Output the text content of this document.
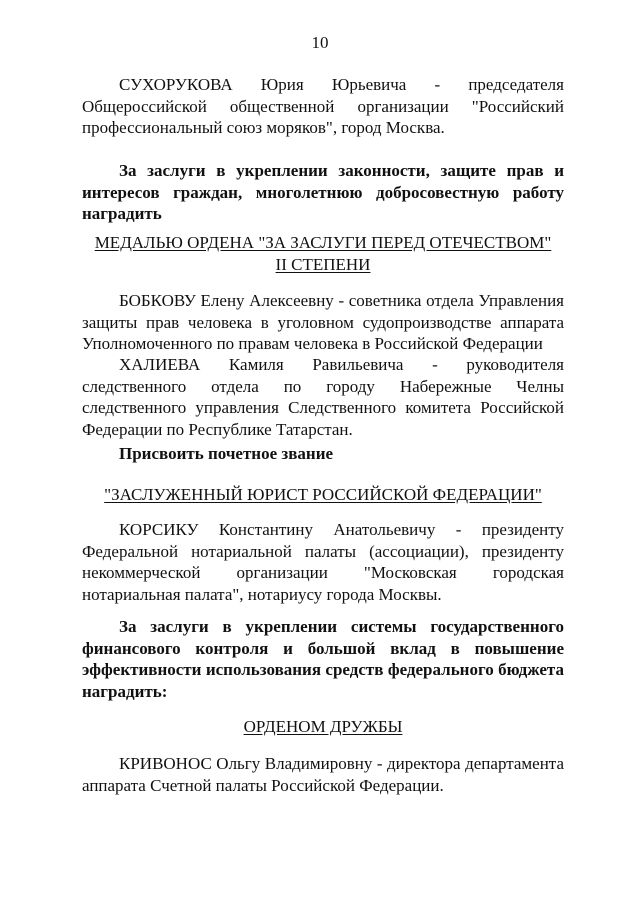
10

СУХОРУКОВА Юрия Юрьевича - председателя Общероссийской общественной организации "Российский профессиональный союз моряков", город Москва.

За заслуги в укреплении законности, защите прав и интересов граждан, многолетнюю добросовестную работу наградить

МЕДАЛЬЮ ОРДЕНА "ЗА ЗАСЛУГИ ПЕРЕД ОТЕЧЕСТВОМ"
II СТЕПЕНИ

БОБКОВУ Елену Алексеевну - советника отдела Управления защиты прав человека в уголовном судопроизводстве аппарата Уполномоченного по правам человека в Российской Федерации

ХАЛИЕВА Камиля Равильевича - руководителя следственного отдела по городу Набережные Челны следственного управления Следственного комитета Российской Федерации по Республике Татарстан.

Присвоить почетное звание

"ЗАСЛУЖЕННЫЙ ЮРИСТ РОССИЙСКОЙ ФЕДЕРАЦИИ"

КОРСИКУ Константину Анатольевичу - президенту Федеральной нотариальной палаты (ассоциации), президенту некоммерческой организации "Московская городская нотариальная палата", нотариусу города Москвы.

За заслуги в укреплении системы государственного финансового контроля и большой вклад в повышение эффективности использования средств федерального бюджета наградить:

ОРДЕНОМ ДРУЖБЫ

КРИВОНОС Ольгу Владимировну - директора департамента аппарата Счетной палаты Российской Федерации.
